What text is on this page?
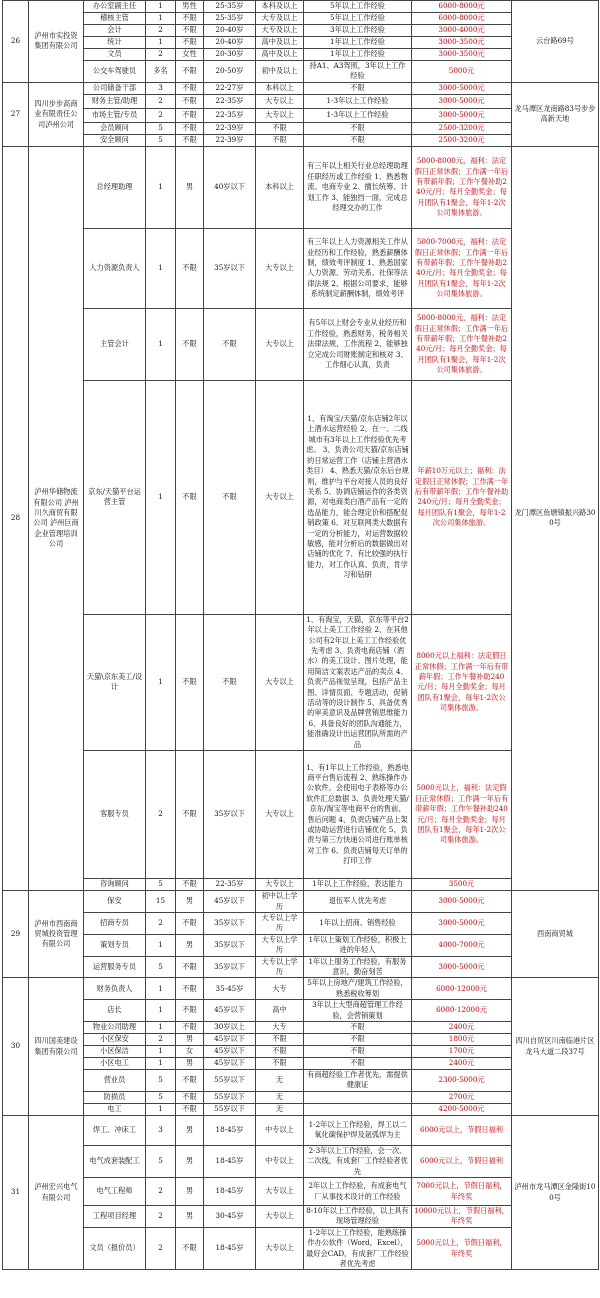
26	泸州市实投资集团有限公司	办公室副主任	1	男性	25-35岁	本科及以上	5年以上工作经验	6000-8000元	云台路69号
		稽核主管	1	不限	25-35岁	大专及以上	5年以上工作经验	6000-8000元	
		会计	2	不限	20-40岁	大专及以上	3年以上工作经验	3000-4000元	
		统计	1	不限	20-40岁	高中及以上	1年以上工作经验	3000-3500元	
		文员	2	女性	20-30岁	高中及以上	1年以上工作经验	3000-3500元	
		公交车驾驶员	多名	不限	20-50岁	初中及以上	持A1、A3驾照，3年以上工作经验	5000元	
27	四川步步高商业有限责任公司泸州公司	公司储备干部	3	不限	22-27岁	本科以上	不限	3000-5000元	龙马潭区龙南路83号步步高新天地
		财务主管/助理	2	不限	22-35岁	大专以上	1-3年以上工作经验	3000-5000元	
		市场主管/专员	2	不限	22-35岁	大专以上	1-3年以上工作经验	3000-5000元	
		会员顾问	5	不限	22-39岁	不限	不限	2500-3200元	
		安全顾问	5	不限	22-39岁	不限	不限	2500-3200元	
28	泸州华储物流有限公司 泸州川久商贸有限公司 泸州巨商企业管理培训公司	总经理助理	1	男	40岁以下	本科以上	有三年以上相关行业总经理助理任职经历或工作经验 1、熟悉物流、电商专业 2、擅长统筹、计划工作 3、能独挡一面，完成总经理交办的工作	5000-8000元，福利：法定假日正常休假；工作满一年后有带薪年假；工作午餐补助240元/月；每月全勤奖金；每月团队有1聚会，每年1-2次公司集体旅游。	龙门潭区鱼塘镇振兴路300号
		人力资源负责人	1	不限	35岁以下	大专以上	有三年以上人力资源相关工作从业经历和工作经验，熟悉薪酬体制，绩效考评制度 1、熟悉国家人力资源、劳动关系、社保等法律法规 2、根据公司要求，能够系统制定薪酬体制，绩效考评	5000-7000元，福利：法定假日正常休假；工作满一年后有带薪年假；工作午餐补助240元/月；每月全勤奖金；每月团队有1聚会，每年1-2次公司集体旅游。	
		主管会计	1	不限	不限	大专以上	有5年以上财会专业从业经历和工作经验，熟悉财务、税务相关法律法规，工作流程 2、能够独立完成公司财账制定和核对 3、工作细心认真，负责	5000-8000元，福利：法定假日正常休假；工作满一年后有带薪年假；工作午餐补助240元/月；每月全勤奖金；每月团队有1聚会，每年1-2次公司集体旅游。	
		京东/天猫平台运营主管	1	不限	不限	大专以上	1、有淘宝/天猫/京东店铺2年以上酒水运营经验 2、在一、二线城市有3年以上工作经验优先考虑。 3、负责公司天猫/京东店铺的日常运营工作（店铺主营酒水类目） 4、熟悉天猫/京东后台规则，维护与平台对接人员的良好关系 5、协调店铺运作的各类资源，对电商类白酒产品有一定的选品能力，能合理定价和搭配促销政策 6、对互联网类大数据有一定的分析能力，对运营数据较敏感，能对分析后的数据做出对店铺的优化 7、有比较强的执行能力，对工作认真、负责，肯学习和钻研	年薪10万元以上；福利：法定假日正常休假；工作满一年后有带薪年假；工作午餐补助240元/月；每月全勤奖金；每月团队有1聚会，每年1-2次公司集体旅游。	
		天猫\京东美工/设计	1	不限	不限	大专以上	1、有淘宝，天猫，京东等平台2年以上美工工作经验 2、在其他公司有2年以上美工工作经验优先考虑 3、负责电商店铺（酒水）的美工设计、图片处理，能用简洁文案表达产品的卖点 4、负责产品视觉呈现，包括产品主图、详情页面、专题活动，促销活动等的设计制作 5、具备优秀的审美意识及品牌营销思维能力 6、具备良好的团队沟通能力，能准确设计出运营团队所需的产品	8000元以上福利：法定假日正常休假；工作满一年后有带薪年假；工作午餐补助240元/月；每月全勤奖金；每月团队有1聚会，每年1-2次公司集体旅游。	
		客服专员	2	不限	35岁以下	大专以上	1、有1年以上工作经验，熟悉电商平台售后流程 2、熟练操作办公软件，会使用电子表格等办公软件汇总数据 3、负责处理天猫/京东/淘宝等电商平台的售前、售后问题 4、负责店铺产品上架或协助运营进行店铺优化 5、负责与第三方快递公司进行账单核对工作 6、负责店铺每天订单的打印工作	5000元以上，福利：法定假日正常休假；工作满一年后有带薪年假；工作午餐补助240元/月；每月全勤奖金；每月团队有1聚会，每年1-2次公司集体旅游。	
		咨询顾问	5	不限	22-35岁	大专以上	1年以上工作经验，表达能力	3500元	
29	泸州市西南商贸城投资管理有限公司	保安	15	男	45岁以下	初中以上学历	退伍军人优先考虑	3000-5000元	西南商贸城
		招商专员	2	不限	35岁以下	大专以上学历	1年以上招商、销售经验	3000-5000元	
		策划专员	1	男	35岁以下	大专以上学历	1年以上策划工作经验，积极上进的年轻人	4000-7000元	
		运营服务专员	5	不限	35岁以下	大专以上学历	1年以上服务工作经验，有服务意识，勤奋刻苦	3000-5000元	
30	四川国美建设集团有限公司	财务负责人	1	不限	35-45岁	大专	5年以上房地产/建筑工作经验，熟悉税收筹划	6000-12000元	四川自贸区川南临港片区龙马大道二段37号
		店长	1	不限	45岁以下	高中	3年以上大型商超管理工作经验，会营销策划	6000-12000元	
		物业公司助理	1	不限	30岁以上	大专	不限	2400元	
		小区保安	2	男	45岁以下	不限	不限	1800元	
		小区保洁	1	女	45岁以下	不限	不限	1700元	
		小区电工	1	男	45岁以下	不限	不限	2400元	
		营业员	5	不限	55岁以下	无	有商超经验工作者优先，需提供健康证	2300-5000元	
		防损员	5	不限	55岁以下	无		2700元	
		电工	1	不限	55岁以下	无		4200-5000元	
31	泸州宏兴电气有限公司	焊工、冲床工	3	男	18-45岁	中专以上	1-2年以上工作经验，焊工以二氧化碳保护焊及氩弧焊为主	6000元以上，节假日福利	泸州市龙马潭区金隆街100号
		电气成套装配工	5	男	18-45岁	中专以上	2-3年以上工作经验，会一次、二次线，有成套厂工作经验者优先	6000元以上，节假日福利	
		电气工程师	2	男	18-45岁	大专以上	2年以上工作经验，有成套电气厂从事技术设计的工作经验	7000元以上，节假日福利，年终奖	
		工程项目经理	2	男	30-45岁	大专以上	8-10年以上工作经验，以上具有现场管理经验	10000元以上，节假日福利，年终奖	
		文员（报价员）	2	不限	18-45岁	大专以上	1-2年以上工作经验，能熟练操作办公软件（Word，Excel），最好会CAD，有成套厂工作经验者优先考虑	5000元以上，节假日福利，年终奖	
